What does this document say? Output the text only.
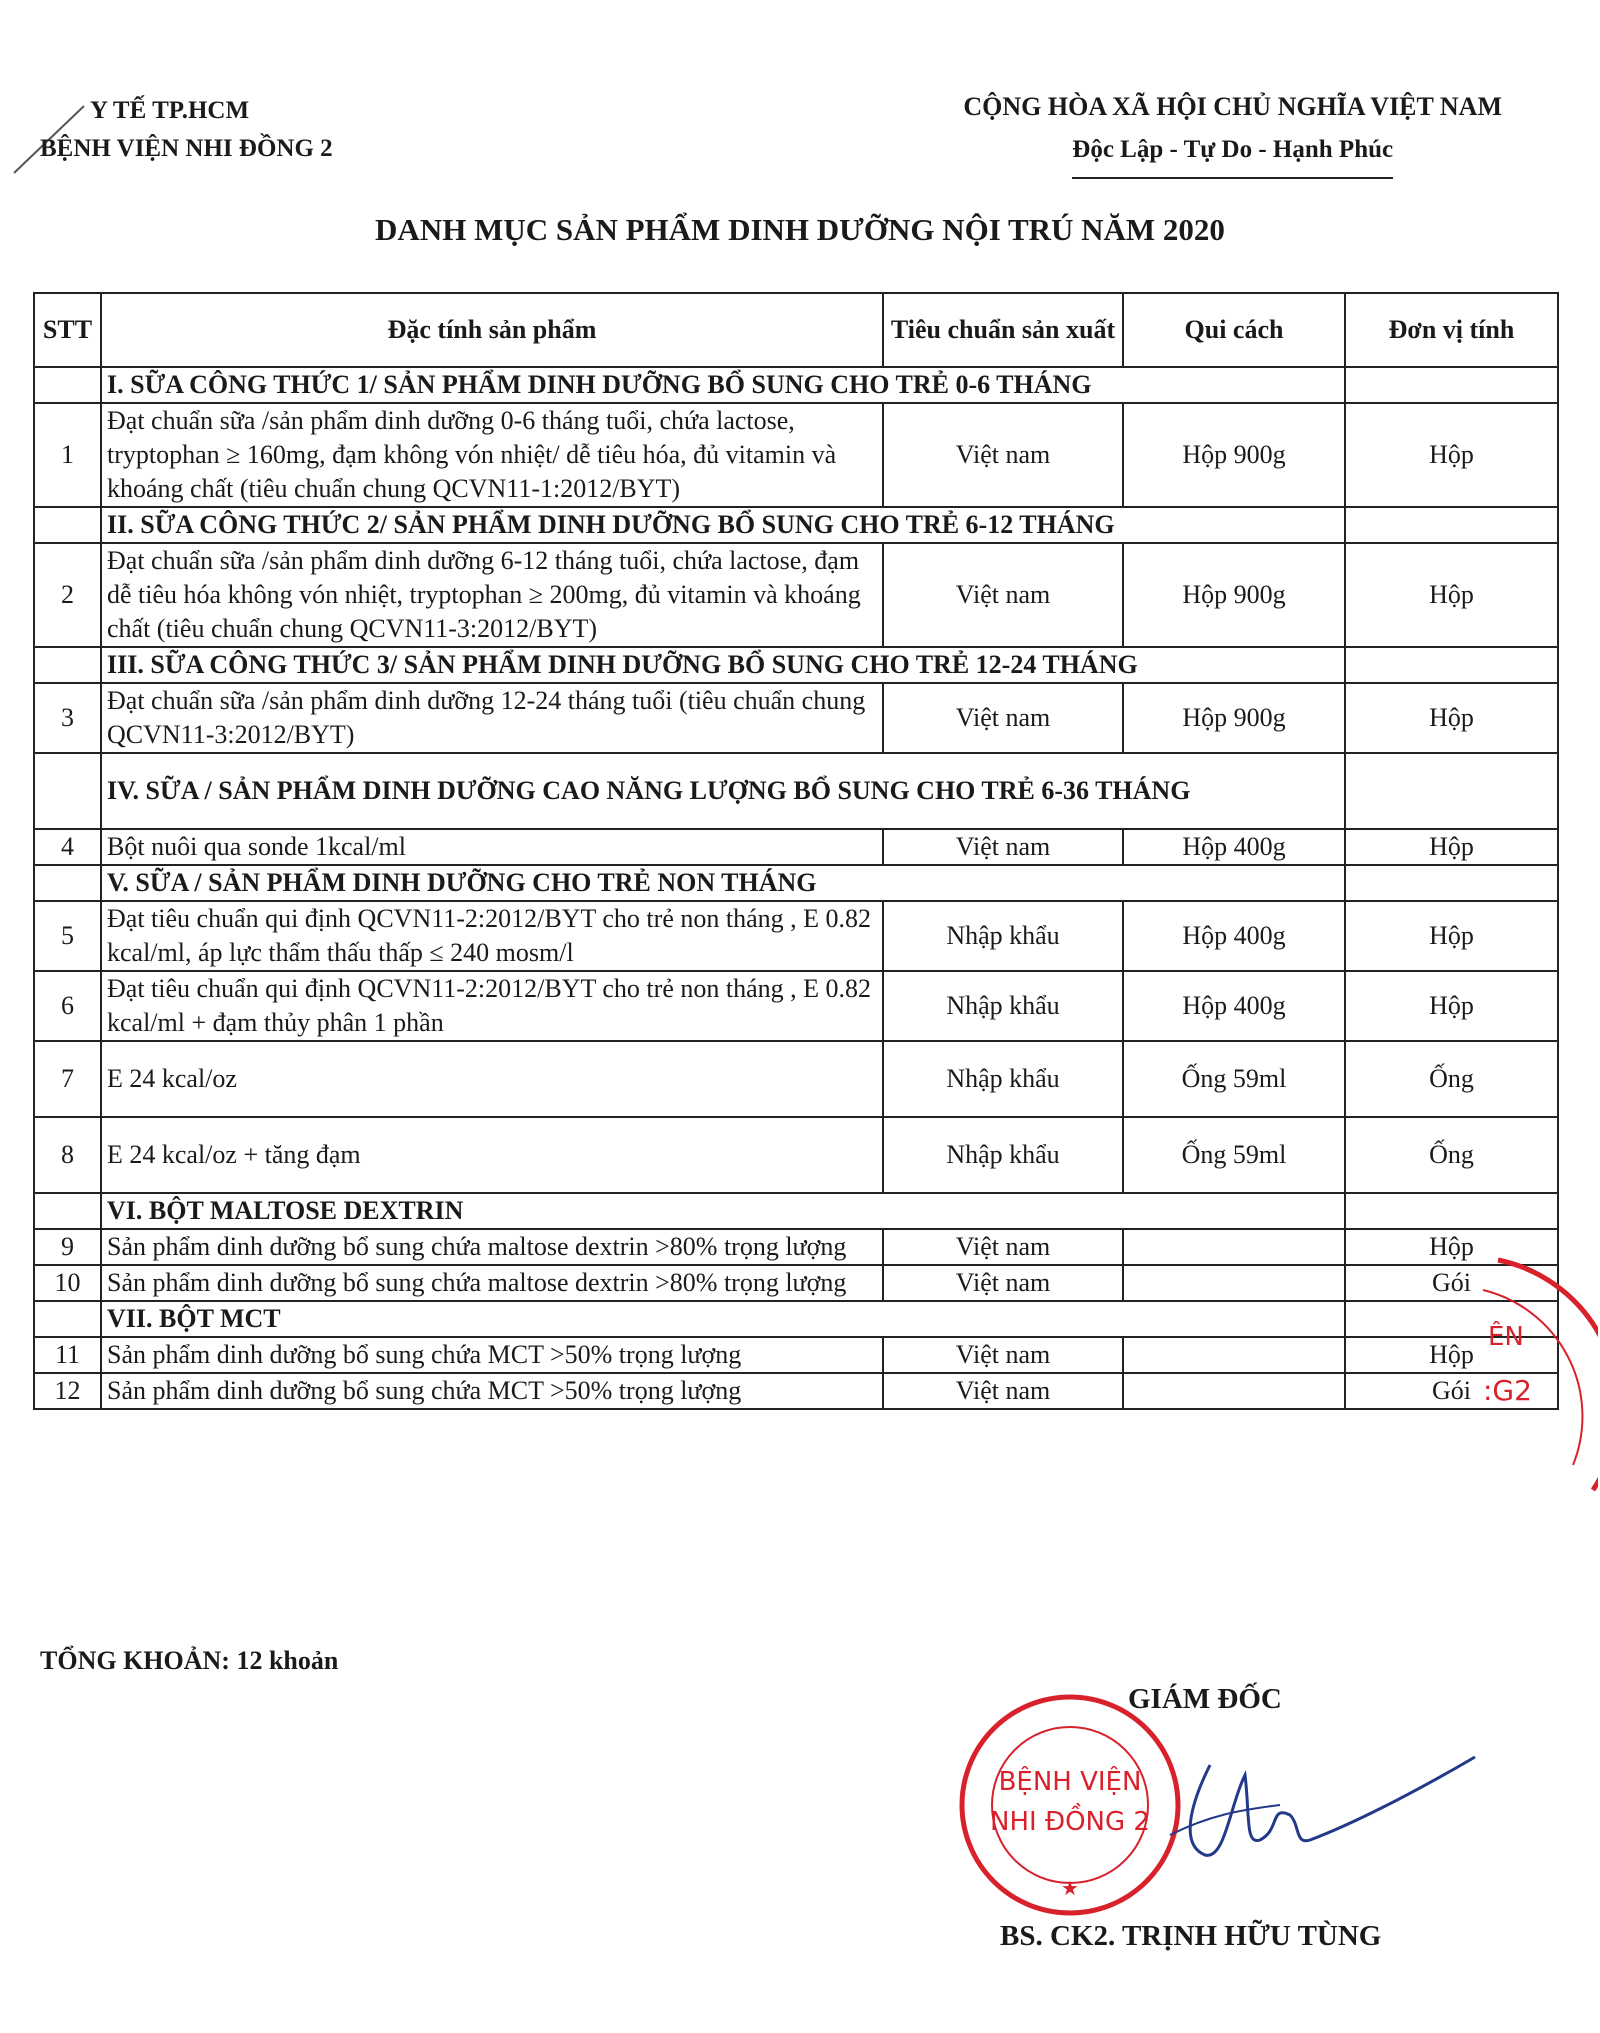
Y TẾ TP.HCM
BỆNH VIỆN NHI ĐỒNG 2
CỘNG HÒA XÃ HỘI CHỦ NGHĨA VIỆT NAM
Độc Lập - Tự Do - Hạnh Phúc
DANH MỤC SẢN PHẨM DINH DƯỠNG NỘI TRÚ NĂM 2020
STT	Đặc tính sản phẩm	Tiêu chuẩn sản xuất	Qui cách	Đơn vị tính
	I. SỮA CÔNG THỨC 1/ SẢN PHẨM DINH DƯỠNG BỔ SUNG CHO TRẺ 0-6 THÁNG			
1	Đạt chuẩn sữa /sản phẩm dinh dưỡng 0-6 tháng tuổi, chứa lactose, tryptophan ≥ 160mg, đạm không vón nhiệt/ dễ tiêu hóa, đủ vitamin và khoáng chất (tiêu chuẩn chung QCVN11-1:2012/BYT)	Việt nam	Hộp 900g	Hộp
	II. SỮA CÔNG THỨC 2/ SẢN PHẨM DINH DƯỠNG BỔ SUNG CHO TRẺ 6-12 THÁNG			
2	Đạt chuẩn sữa /sản phẩm dinh dưỡng 6-12 tháng tuổi, chứa lactose, đạm dễ tiêu hóa không vón nhiệt, tryptophan ≥ 200mg, đủ vitamin và khoáng chất (tiêu chuẩn chung QCVN11-3:2012/BYT)	Việt nam	Hộp 900g	Hộp
	III. SỮA CÔNG THỨC 3/ SẢN PHẨM DINH DƯỠNG BỔ SUNG CHO TRẺ 12-24 THÁNG			
3	Đạt chuẩn sữa /sản phẩm dinh dưỡng 12-24 tháng tuổi (tiêu chuẩn chung QCVN11-3:2012/BYT)	Việt nam	Hộp 900g	Hộp
	IV. SỮA / SẢN PHẨM DINH DƯỠNG CAO NĂNG LƯỢNG BỔ SUNG CHO TRẺ 6-36 THÁNG			
4	Bột nuôi qua sonde 1kcal/ml	Việt nam	Hộp 400g	Hộp
	V. SỮA / SẢN PHẨM DINH DƯỠNG CHO TRẺ NON THÁNG			
5	Đạt tiêu chuẩn qui định QCVN11-2:2012/BYT cho trẻ non tháng , E 0.82 kcal/ml, áp lực thẩm thấu thấp ≤ 240 mosm/l	Nhập khẩu	Hộp 400g	Hộp
6	Đạt tiêu chuẩn qui định QCVN11-2:2012/BYT cho trẻ non tháng , E 0.82 kcal/ml + đạm thủy phân 1 phần	Nhập khẩu	Hộp 400g	Hộp
7	E 24 kcal/oz	Nhập khẩu	Ống 59ml	Ống
8	E 24 kcal/oz + tăng đạm	Nhập khẩu	Ống 59ml	Ống
	VI. BỘT MALTOSE DEXTRIN			
9	Sản phẩm dinh dưỡng bổ sung chứa maltose dextrin >80% trọng lượng	Việt nam		Hộp
10	Sản phẩm dinh dưỡng bổ sung chứa maltose dextrin >80% trọng lượng	Việt nam		Gói
	VII. BỘT MCT			
11	Sản phẩm dinh dưỡng bổ sung chứa MCT >50% trọng lượng	Việt nam		Hộp
12	Sản phẩm dinh dưỡng bổ sung chứa MCT >50% trọng lượng	Việt nam		Gói
TỔNG KHOẢN: 12 khoản
ÊN
:G2
BỆNH VIỆN
NHI ĐỒNG 2
★
GIÁM ĐỐC
BS. CK2. TRỊNH HỮU TÙNG
